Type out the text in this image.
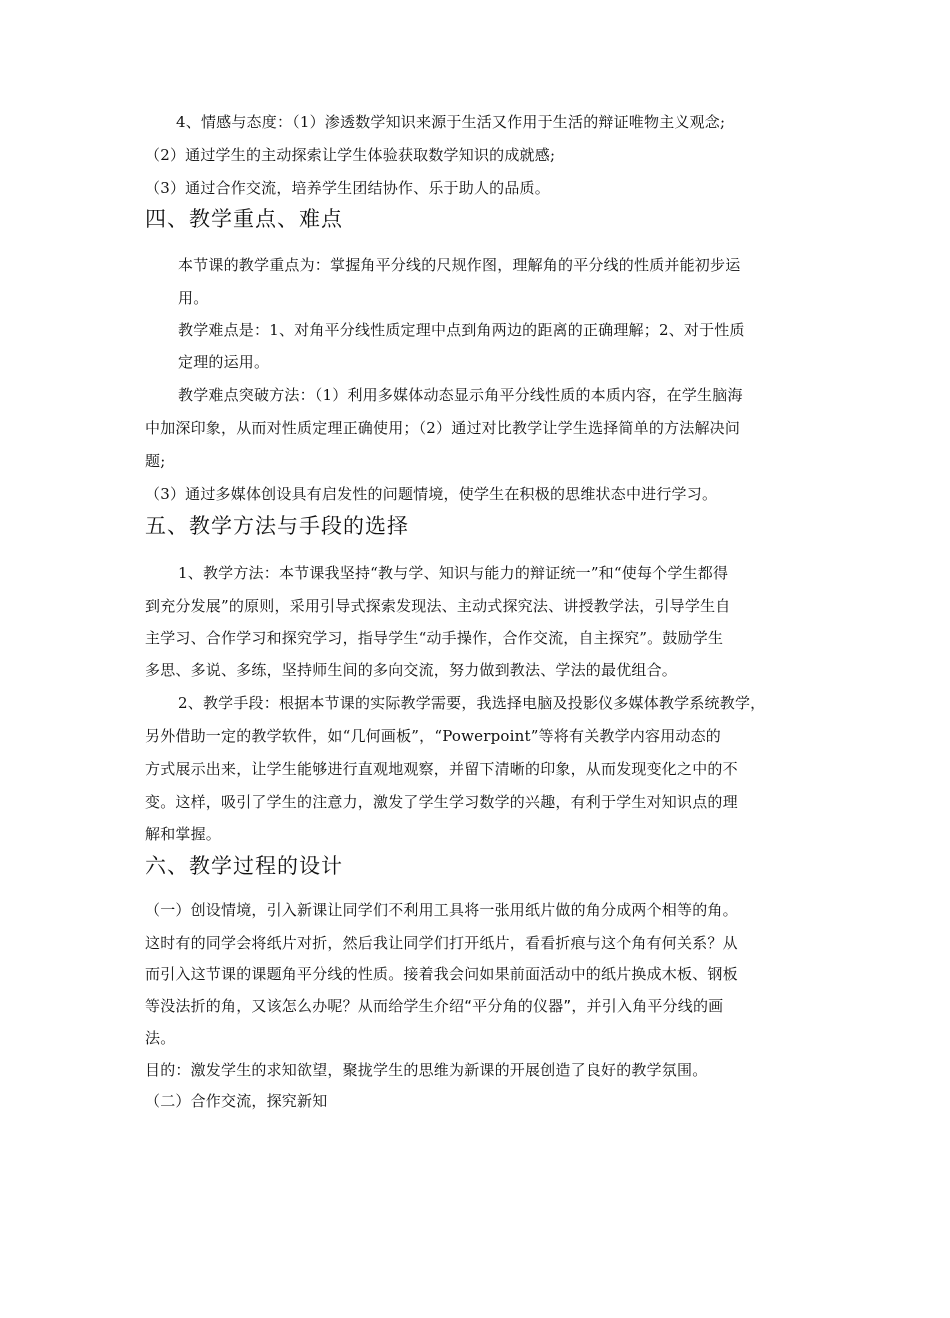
4、情感与态度：（1）渗透数学知识来源于生活又作用于生活的辩证唯物主义观念;
（2）通过学生的主动探索让学生体验获取数学知识的成就感;
（3）通过合作交流，培养学生团结协作、乐于助人的品质。
四、教学重点、难点
本节课的教学重点为：掌握角平分线的尺规作图，理解角的平分线的性质并能初步运
用。
教学难点是：1、对角平分线性质定理中点到角两边的距离的正确理解；2、对于性质
定理的运用。
教学难点突破方法：（1）利用多媒体动态显示角平分线性质的本质内容，在学生脑海
中加深印象，从而对性质定理正确使用；（2）通过对比教学让学生选择简单的方法解决问
题;
（3）通过多媒体创设具有启发性的问题情境，使学生在积极的思维状态中进行学习。
五、教学方法与手段的选择
1、教学方法：本节课我坚持“教与学、知识与能力的辩证统一”和“使每个学生都得
到充分发展”的原则，采用引导式探索发现法、主动式探究法、讲授教学法，引导学生自
主学习、合作学习和探究学习，指导学生“动手操作，合作交流，自主探究”。鼓励学生
多思、多说、多练，坚持师生间的多向交流，努力做到教法、学法的最优组合。
2、教学手段：根据本节课的实际教学需要，我选择电脑及投影仪多媒体教学系统教学，
另外借助一定的教学软件，如“几何画板”，“Powerpoint”等将有关教学内容用动态的
方式展示出来，让学生能够进行直观地观察，并留下清晰的印象，从而发现变化之中的不
变。这样，吸引了学生的注意力，激发了学生学习数学的兴趣，有利于学生对知识点的理
解和掌握。
六、教学过程的设计
（一）创设情境，引入新课让同学们不利用工具将一张用纸片做的角分成两个相等的角。
这时有的同学会将纸片对折，然后我让同学们打开纸片，看看折痕与这个角有何关系？从
而引入这节课的课题角平分线的性质。接着我会问如果前面活动中的纸片换成木板、钢板
等没法折的角，又该怎么办呢？从而给学生介绍“平分角的仪器”，并引入角平分线的画
法。
目的：激发学生的求知欲望，聚拢学生的思维为新课的开展创造了良好的教学氛围。
（二）合作交流，探究新知
